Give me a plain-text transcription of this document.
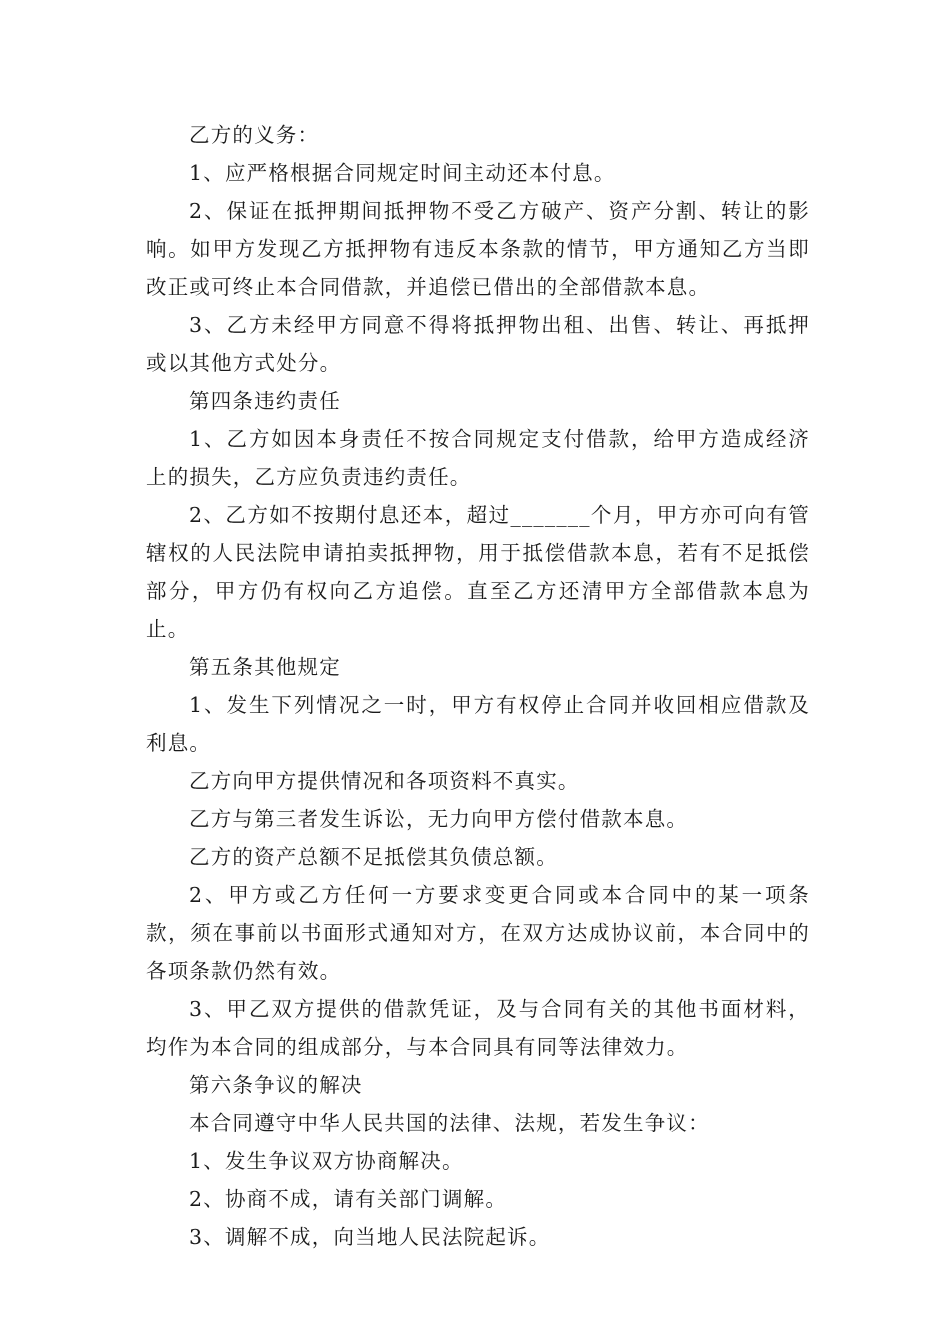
乙方的义务：

1、应严格根据合同规定时间主动还本付息。

2、保证在抵押期间抵押物不受乙方破产、资产分割、转让的影响。如甲方发现乙方抵押物有违反本条款的情节，甲方通知乙方当即改正或可终止本合同借款，并追偿已借出的全部借款本息。

3、乙方未经甲方同意不得将抵押物出租、出售、转让、再抵押或以其他方式处分。

第四条违约责任

1、乙方如因本身责任不按合同规定支付借款，给甲方造成经济上的损失，乙方应负责违约责任。

2、乙方如不按期付息还本，超过_______个月，甲方亦可向有管辖权的人民法院申请拍卖抵押物，用于抵偿借款本息，若有不足抵偿部分，甲方仍有权向乙方追偿。直至乙方还清甲方全部借款本息为止。

第五条其他规定

1、发生下列情况之一时，甲方有权停止合同并收回相应借款及利息。

乙方向甲方提供情况和各项资料不真实。

乙方与第三者发生诉讼，无力向甲方偿付借款本息。

乙方的资产总额不足抵偿其负债总额。

2、甲方或乙方任何一方要求变更合同或本合同中的某一项条款，须在事前以书面形式通知对方，在双方达成协议前，本合同中的各项条款仍然有效。

3、甲乙双方提供的借款凭证，及与合同有关的其他书面材料，均作为本合同的组成部分，与本合同具有同等法律效力。

第六条争议的解决

本合同遵守中华人民共国的法律、法规，若发生争议：

1、发生争议双方协商解决。

2、协商不成，请有关部门调解。

3、调解不成，向当地人民法院起诉。
